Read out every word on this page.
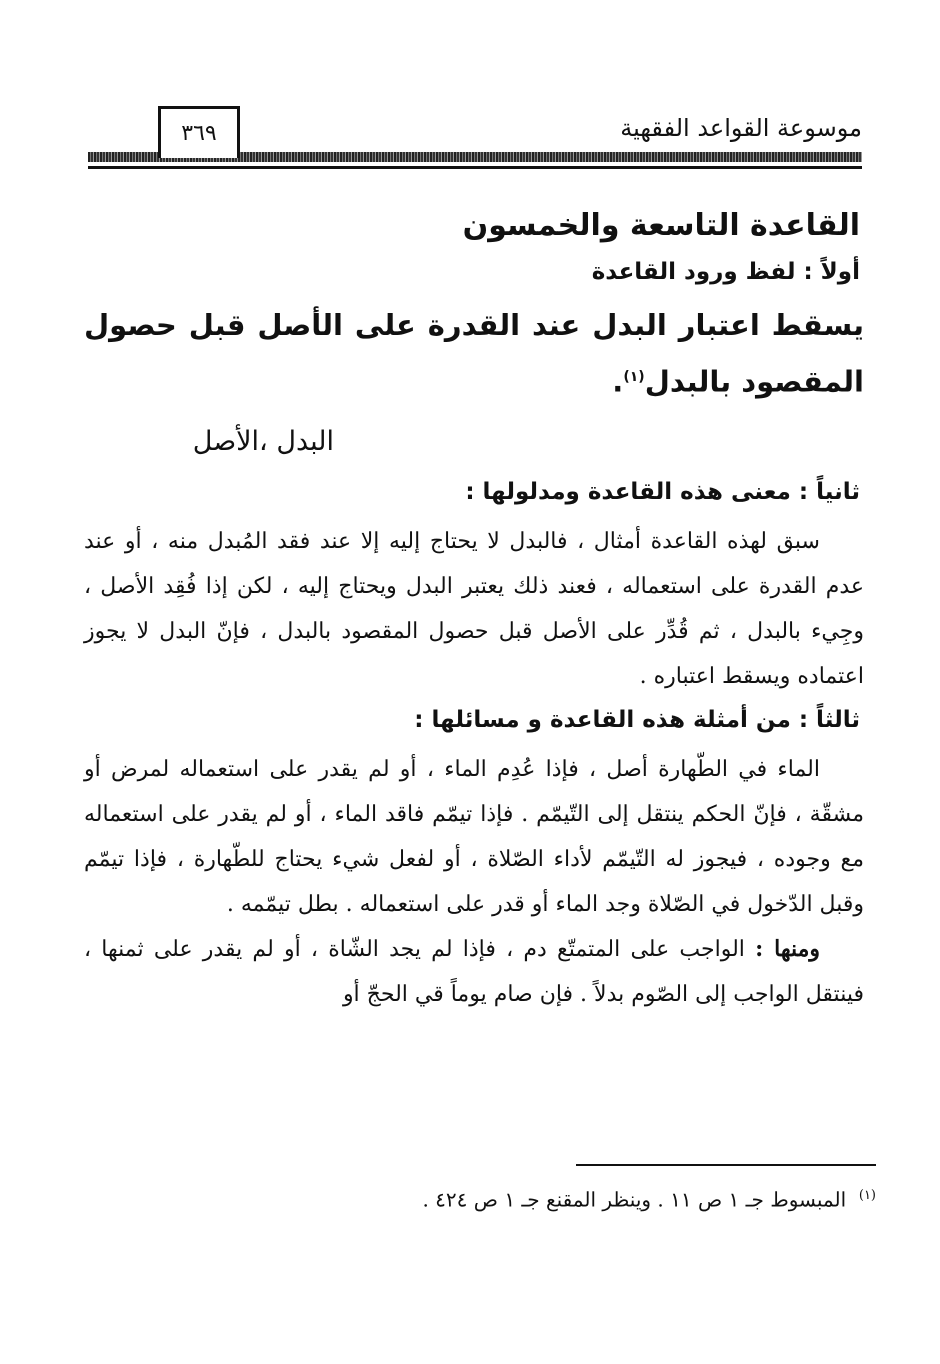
موسوعة القواعد الفقهية
٣٦٩
القاعدة التاسعة والخمسون
أولاً : لفظ ورود القاعدة
يسقط اعتبار البدل عند القدرة على الأصل قبل حصول المقصود بالبدل$^{(١)}$.
البدل ،الأصل
ثانياً : معنى هذه القاعدة ومدلولها :

سبق لهذه القاعدة أمثال ، فالبدل لا يحتاج إليه إلا عند فقد المُبدل منه ، أو عند عدم القدرة على استعماله ، فعند ذلك يعتبر البدل ويحتاج إليه ، لكن إذا فُقِد الأصل ، وجِيء بالبدل ، ثم قُدِّر على الأصل قبل حصول المقصود بالبدل ، فإنّ البدل لا يجوز اعتماده ويسقط اعتباره .

ثالثاً : من أمثلة هذه القاعدة و مسائلها :

الماء في الطّهارة أصل ، فإذا عُدِم الماء ، أو لم يقدر على استعماله لمرض أو مشقّة ، فإنّ الحكم ينتقل إلى التّيمّم . فإذا تيمّم فاقد الماء ، أو لم يقدر على استعماله مع وجوده ، فيجوز له التّيمّم لأداء الصّلاة ، أو لفعل شيء يحتاج للطّهارة ، فإذا تيمّم وقبل الدّخول في الصّلاة وجد الماء أو قدر على استعماله . بطل تيمّمه .

ومنها : الواجب على المتمتّع دم ، فإذا لم يجد الشّاة ، أو لم يقدر على ثمنها ، فينتقل الواجب إلى الصّوم بدلاً . فإن صام يوماً قي الحجّ أو

$^{(١)}$  المبسوط جـ ١ ص ١١ . وينظر المقنع جـ ١ ص ٤٢٤ .
